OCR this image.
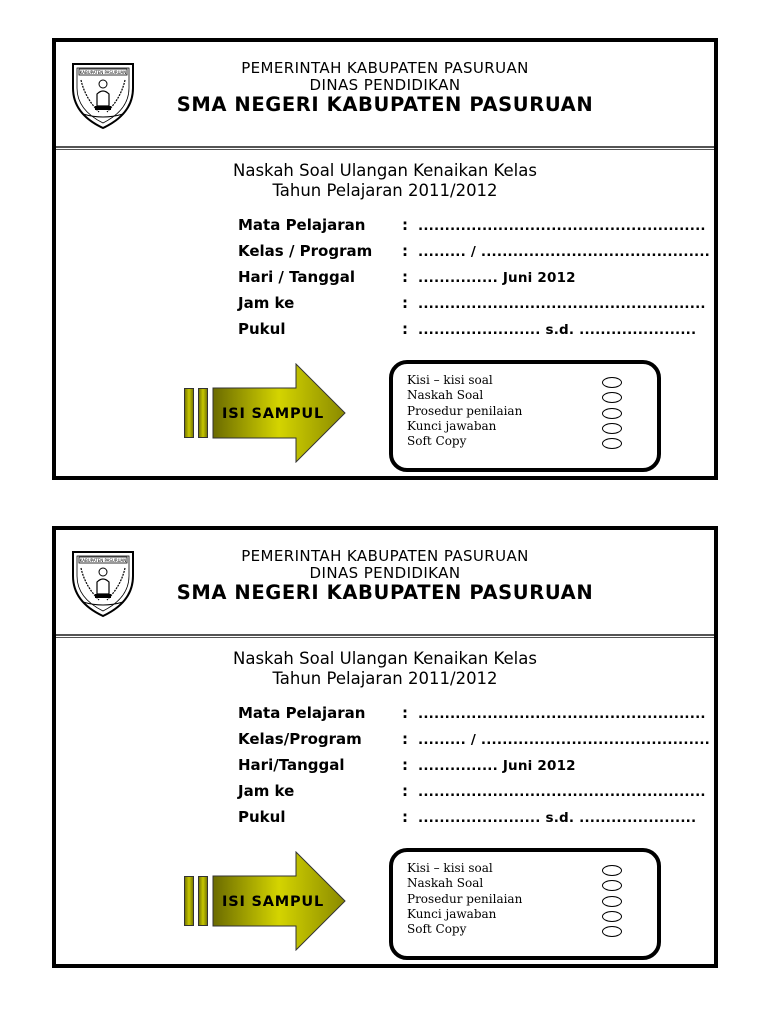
KABUPATEN PASURUAN	PEMERINTAH KABUPATEN PASURUAN
DINAS PENDIDIKAN
SMA NEGERI KABUPATEN PASURUAN
Naskah Soal Ulangan Kenaikan Kelas
Tahun Pelajaran 2011/2012
Mata Pelajaran : ......................................................
Kelas / Program : ......... / ...........................................
Hari / Tanggal	: ............... Juni 2012
Jam ke	: ......................................................
Pukul	: ....................... s.d. ......................
ISI SAMPUL
Kisi – kisi soal
Naskah Soal
Prosedur penilaian
Kunci jawaban
Soft Copy
KABUPATEN PASURUAN	PEMERINTAH KABUPATEN PASURUAN
DINAS PENDIDIKAN
SMA NEGERI KABUPATEN PASURUAN
Naskah Soal Ulangan Kenaikan Kelas
Tahun Pelajaran 2011/2012
Mata Pelajaran : ......................................................
Kelas/Program	: ......... / ...........................................
Hari/Tanggal	: ............... Juni 2012
Jam ke	: ......................................................
Pukul	: ....................... s.d. ......................
ISI SAMPUL
Kisi – kisi soal
Naskah Soal
Prosedur penilaian
Kunci jawaban
Soft Copy
